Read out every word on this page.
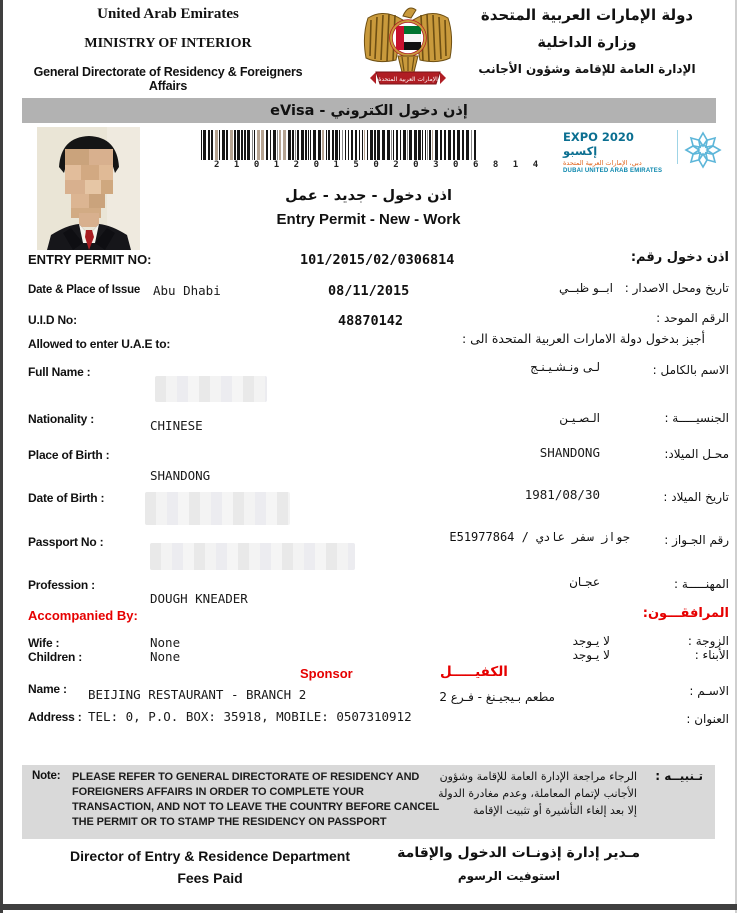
United Arab Emirates
MINISTRY OF INTERIOR
General Directorate of Residency & Foreigners Affairs	الإمارات العربية المتحدة
دولة الإمارات العربية المتحدة
وزارة الداخلية
الإدارة العامة للإقامة وشؤون الأجانب
إذن دخول الكتروني - eVisa
21012015020306814
EXPO 2020 إكسبو
دبي، الإمارات العربية المتحدة
DUBAI UNITED ARAB EMIRATES
اذن دخول - جديد - عمل
Entry Permit - New - Work
ENTRY PERMIT NO:	101/2015/02/0306814	اذن دخول رقم:
Date & Place of Issue Abu Dhabi	08/11/2015	تاريخ ومحل الاصدار : ابــو ظبــي
U.I.D No:	48870142	الرقم الموحد :
Allowed to enter U.A.E to:	أجيز بدخول دولة الامارات العربية المتحدة الى :
Full Name :	لـى ونـشـيـنـج	الاسم بالكامل :
Nationality :	CHINESE	الـصـيـن	الجنسيـــــة :
Place of Birth :	SHANDONG	محـل الميلاد:
SHANDONG
Date of Birth :	1981/08/30	تاريخ الميلاد :
Passport No :	جواز سفر عادي / E51977864	رقم الجـواز :
Profession :	عجـان	المهنـــــة :
DOUGH KNEADER
Accompanied By:	المرافقـــون:
Wife :	None	لا يـوجد	الزوجة :
Children :	None	لا يـوجد	الأبناء :
Sponsor	الكفيـــــل
Name : BEIJING RESTAURANT - BRANCH 2	مطعم بـيجيـنغ - فـرع 2	الاسـم :
Address : TEL: 0, P.O. BOX: 35918, MOBILE: 0507310912	العنوان :
Note: PLEASE REFER TO GENERAL DIRECTORATE OF RESIDENCY AND
FOREIGNERS AFFAIRS IN ORDER TO COMPLETE YOUR
TRANSACTION, AND NOT TO LEAVE THE COUNTRY BEFORE CANCEL
THE PERMIT OR TO STAMP THE RESIDENCY ON PASSPORT
تـنبيــه :
الرجاء مراجعة الإدارة العامة للإقامة وشؤون
الأجانب لإتمام المعاملة، وعدم مغادرة الدولة
إلا بعد إلغاء التأشيرة أو تثبيت الإقامة
Director of Entry & Residence Department
Fees Paid
مـدير إدارة إذونـات الدخول والإقامة
استوفيت الرسوم
